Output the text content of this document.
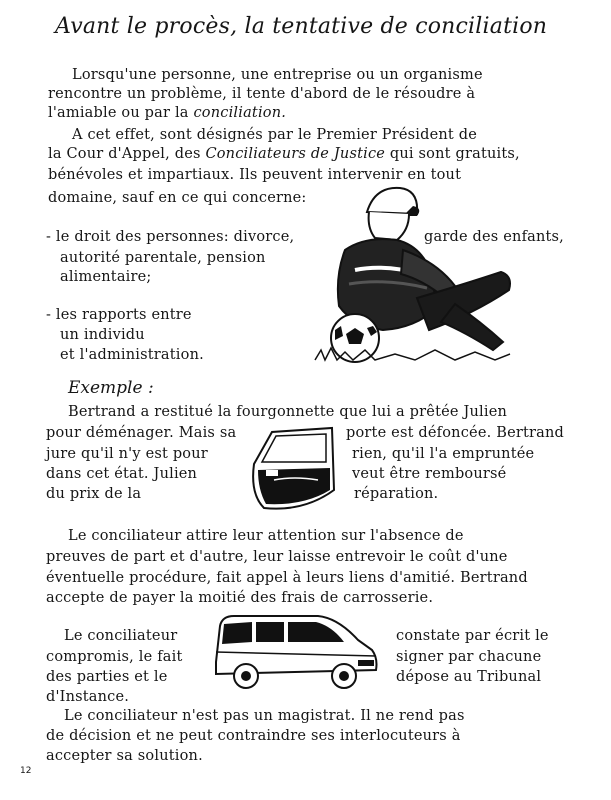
Avant le procès, la tentative de conciliation
Lorsqu'une personne, une entreprise ou un organisme
rencontre un problème, il tente d'abord de le résoudre à
l'amiable ou par la conciliation.
A cet effet, sont désignés par le Premier Président de
la Cour d'Appel, des Conciliateurs de Justice qui sont gratuits,
bénévoles et impartiaux. Ils peuvent intervenir en tout
domaine, sauf en ce qui concerne:
- le droit des personnes: divorce,	garde des enfants,
autorité parentale, pension
alimentaire;
- les rapports entre
un individu
et l'administration.
Exemple :
Bertrand a restitué la fourgonnette que lui a prêtée Julien
pour déménager. Mais sa	porte est défoncée. Bertrand
jure qu'il n'y est pour	rien, qu'il l'a empruntée
dans cet état. Julien	veut être remboursé
du prix de la	réparation.
Le conciliateur attire leur attention sur l'absence de
preuves de part et d'autre, leur laisse entrevoir le coût d'une
éventuelle procédure, fait appel à leurs liens d'amitié. Bertrand
accepte de payer la moitié des frais de carrosserie.
Le conciliateur	constate par écrit le
compromis, le fait	signer par chacune
des parties et le	dépose au Tribunal
d'Instance.
Le conciliateur n'est pas un magistrat. Il ne rend pas
de décision et ne peut contraindre ses interlocuteurs à
accepter sa solution.
12
